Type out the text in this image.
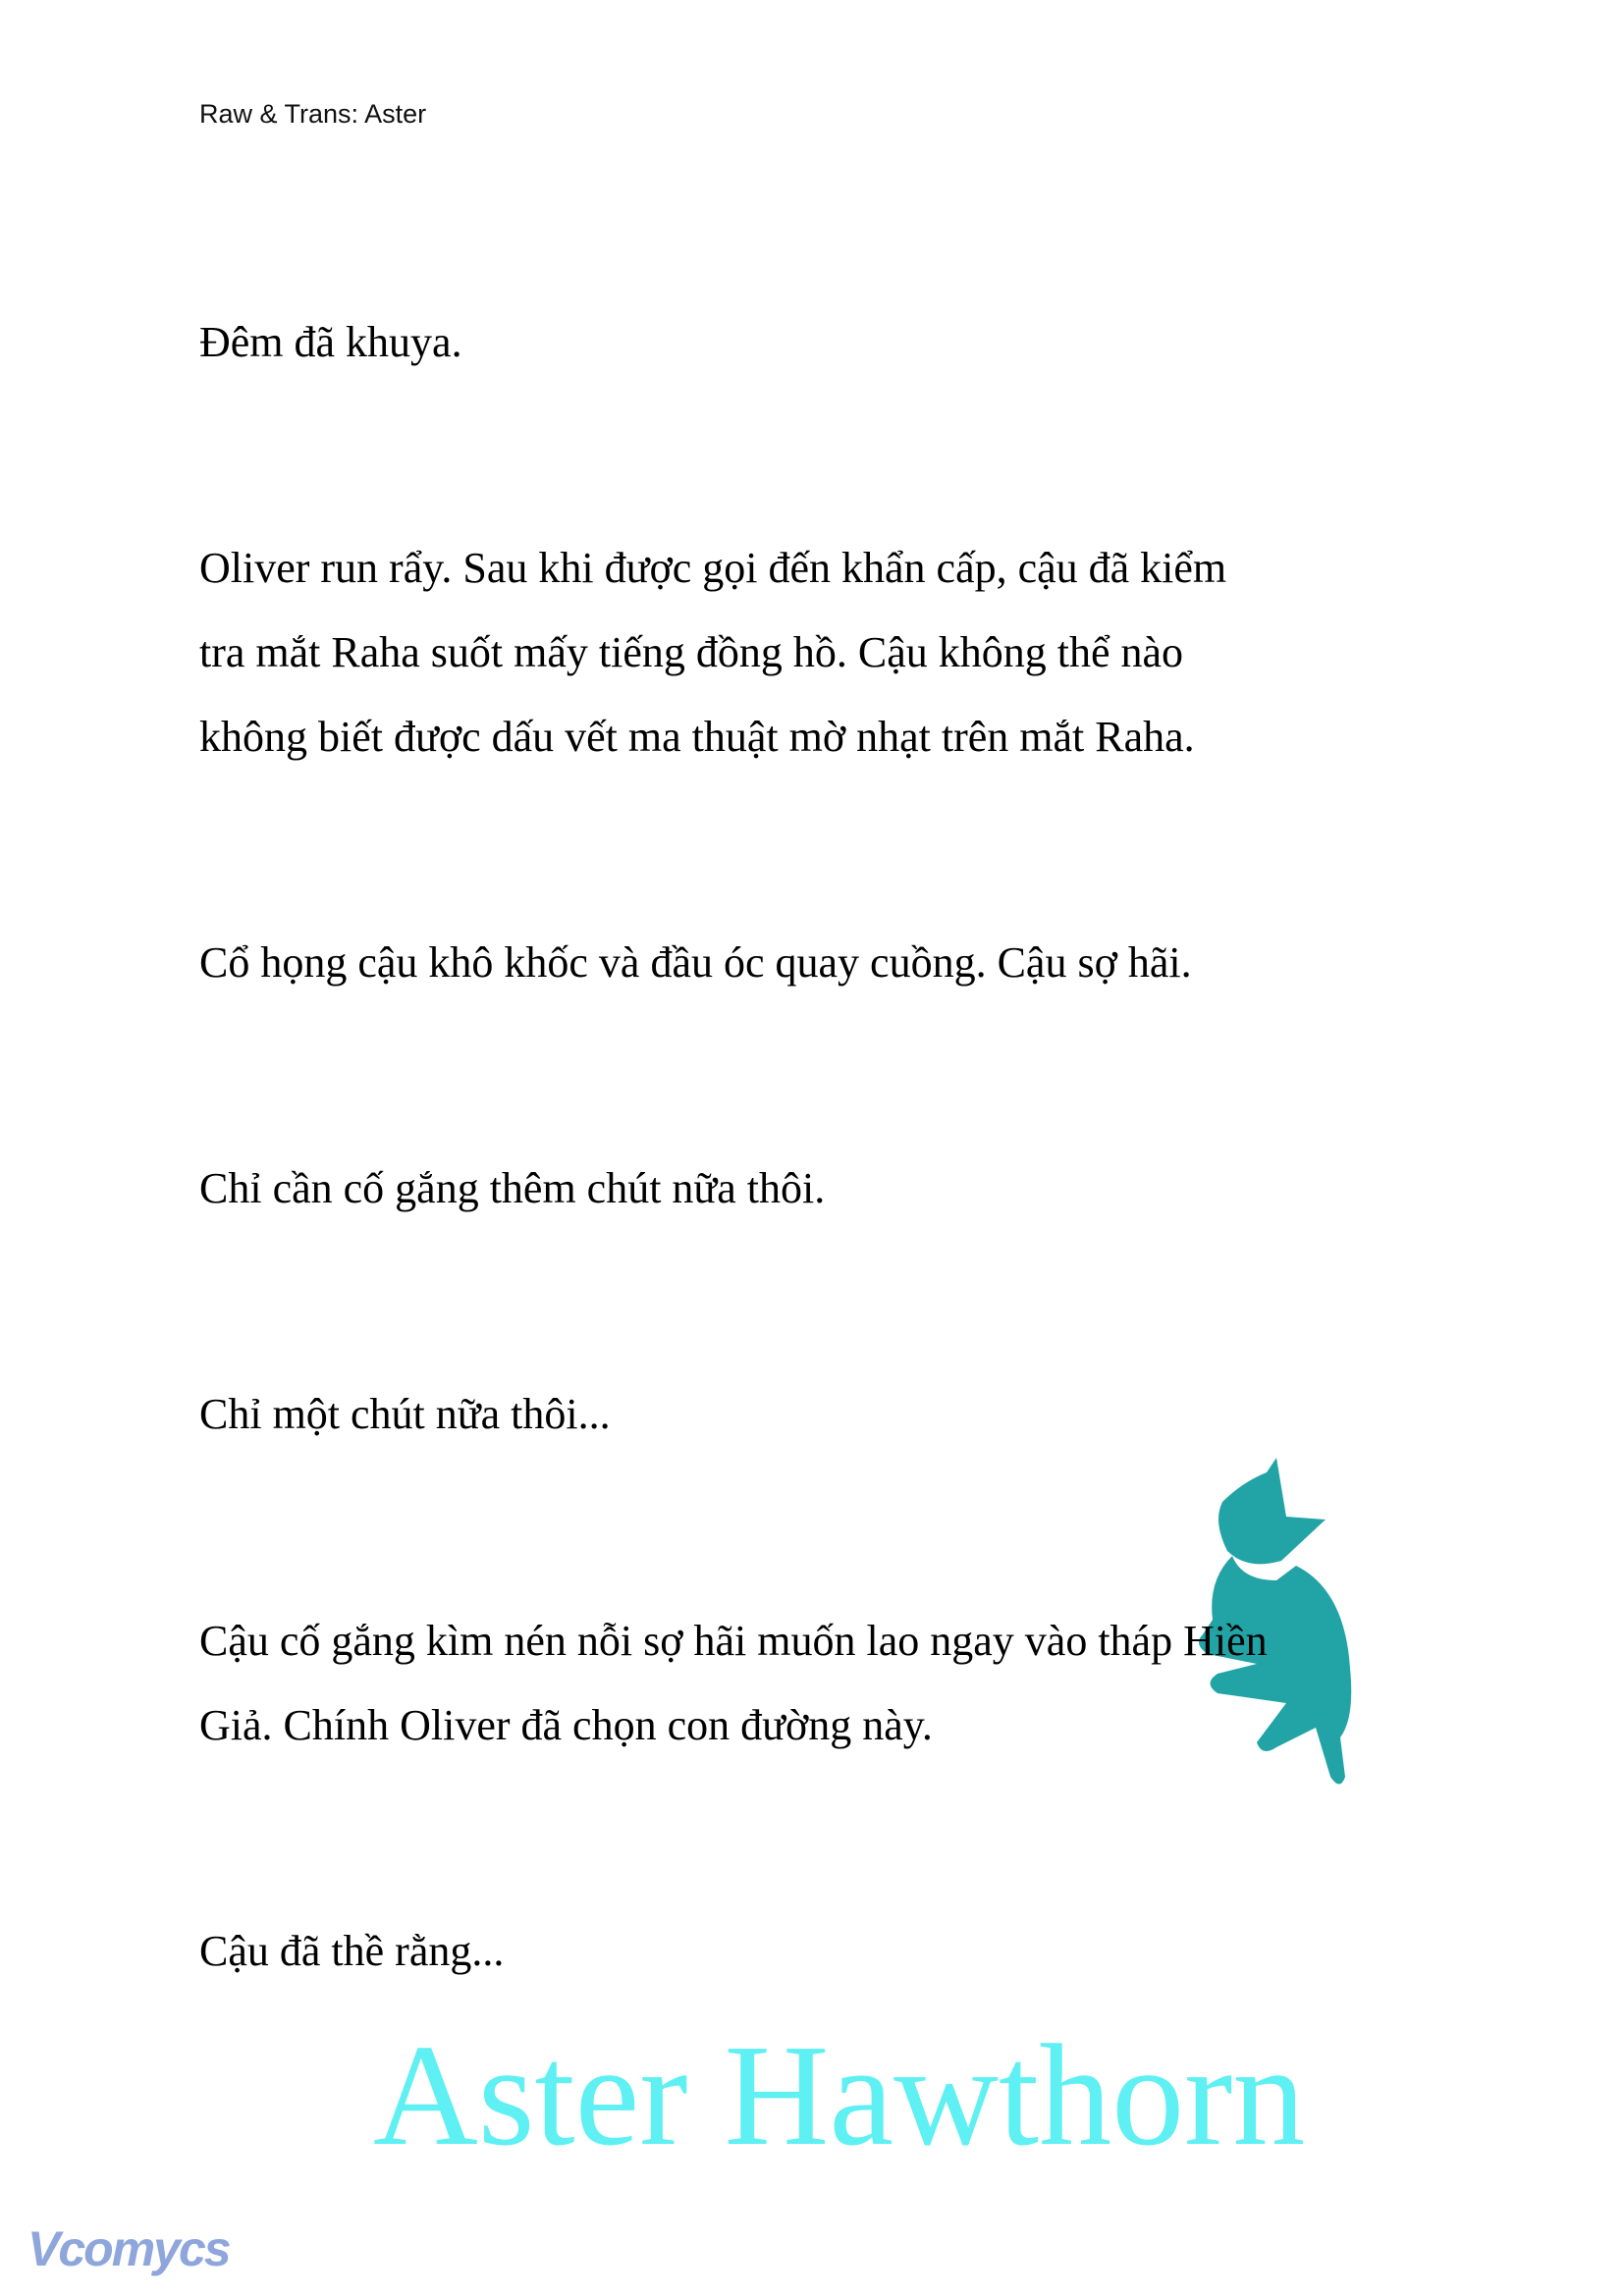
Raw & Trans: Aster
Aster Hawthorn
Đêm đã khuya.
Oliver run rẩy. Sau khi được gọi đến khẩn cấp, cậu đã kiểm
tra mắt Raha suốt mấy tiếng đồng hồ. Cậu không thể nào
không biết được dấu vết ma thuật mờ nhạt trên mắt Raha.
Cổ họng cậu khô khốc và đầu óc quay cuồng. Cậu sợ hãi.
Chỉ cần cố gắng thêm chút nữa thôi.
Chỉ một chút nữa thôi...
Cậu cố gắng kìm nén nỗi sợ hãi muốn lao ngay vào tháp Hiền
Giả. Chính Oliver đã chọn con đường này.
Cậu đã thề rằng...
Vcomycs
